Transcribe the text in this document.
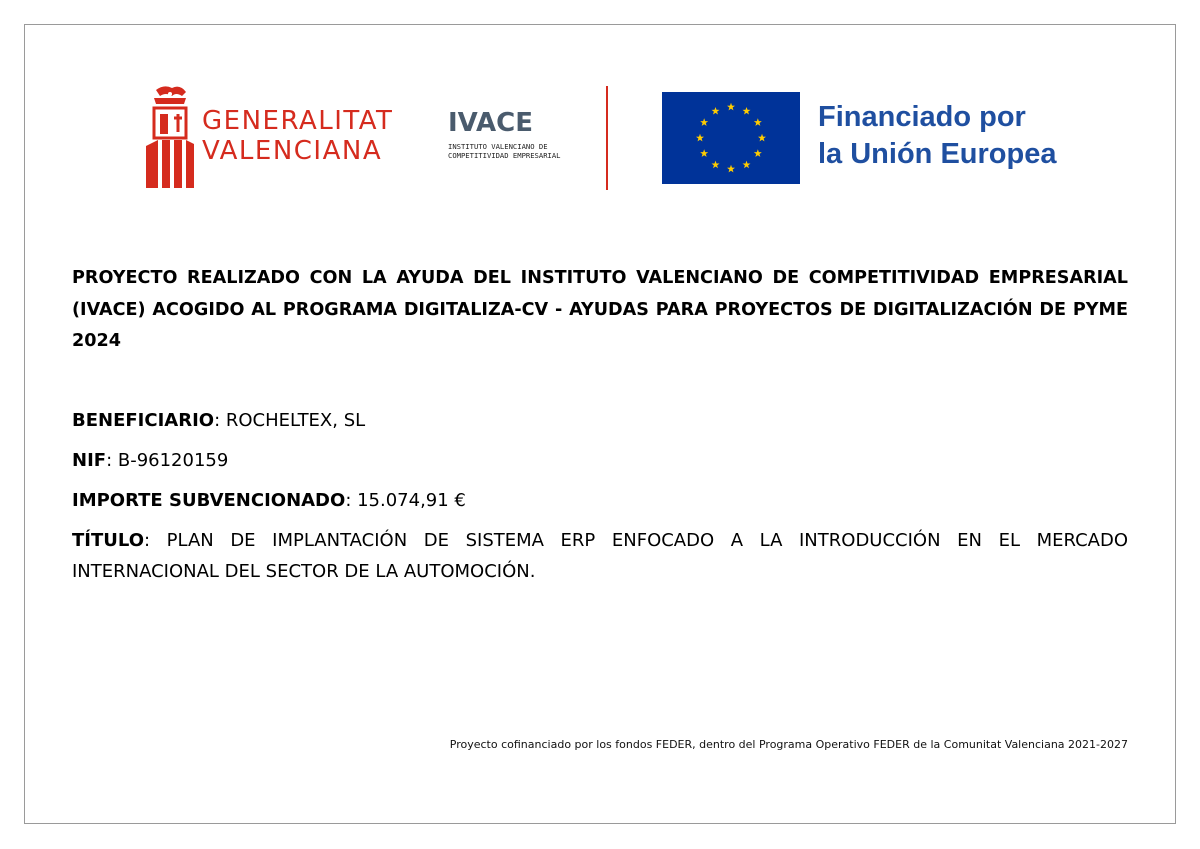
GENERALITAT
VALENCIANA
IVACE
INSTITUTO VALENCIANO DE
COMPETITIVIDAD EMPRESARIAL
Financiado por
la Unión Europea

PROYECTO REALIZADO CON LA AYUDA DEL INSTITUTO VALENCIANO DE COMPETITIVIDAD EMPRESARIAL (IVACE) ACOGIDO AL PROGRAMA DIGITALIZA-CV - AYUDAS PARA PROYECTOS DE DIGITALIZACIÓN DE PYME 2024

BENEFICIARIO: ROCHELTEX, SL

NIF: B-96120159

IMPORTE SUBVENCIONADO: 15.074,91 €

TÍTULO: PLAN DE IMPLANTACIÓN DE SISTEMA ERP ENFOCADO A LA INTRODUCCIÓN EN EL MERCADO INTERNACIONAL DEL SECTOR DE LA AUTOMOCIÓN.

Proyecto cofinanciado por los fondos FEDER, dentro del Programa Operativo FEDER de la Comunitat Valenciana 2021-2027
